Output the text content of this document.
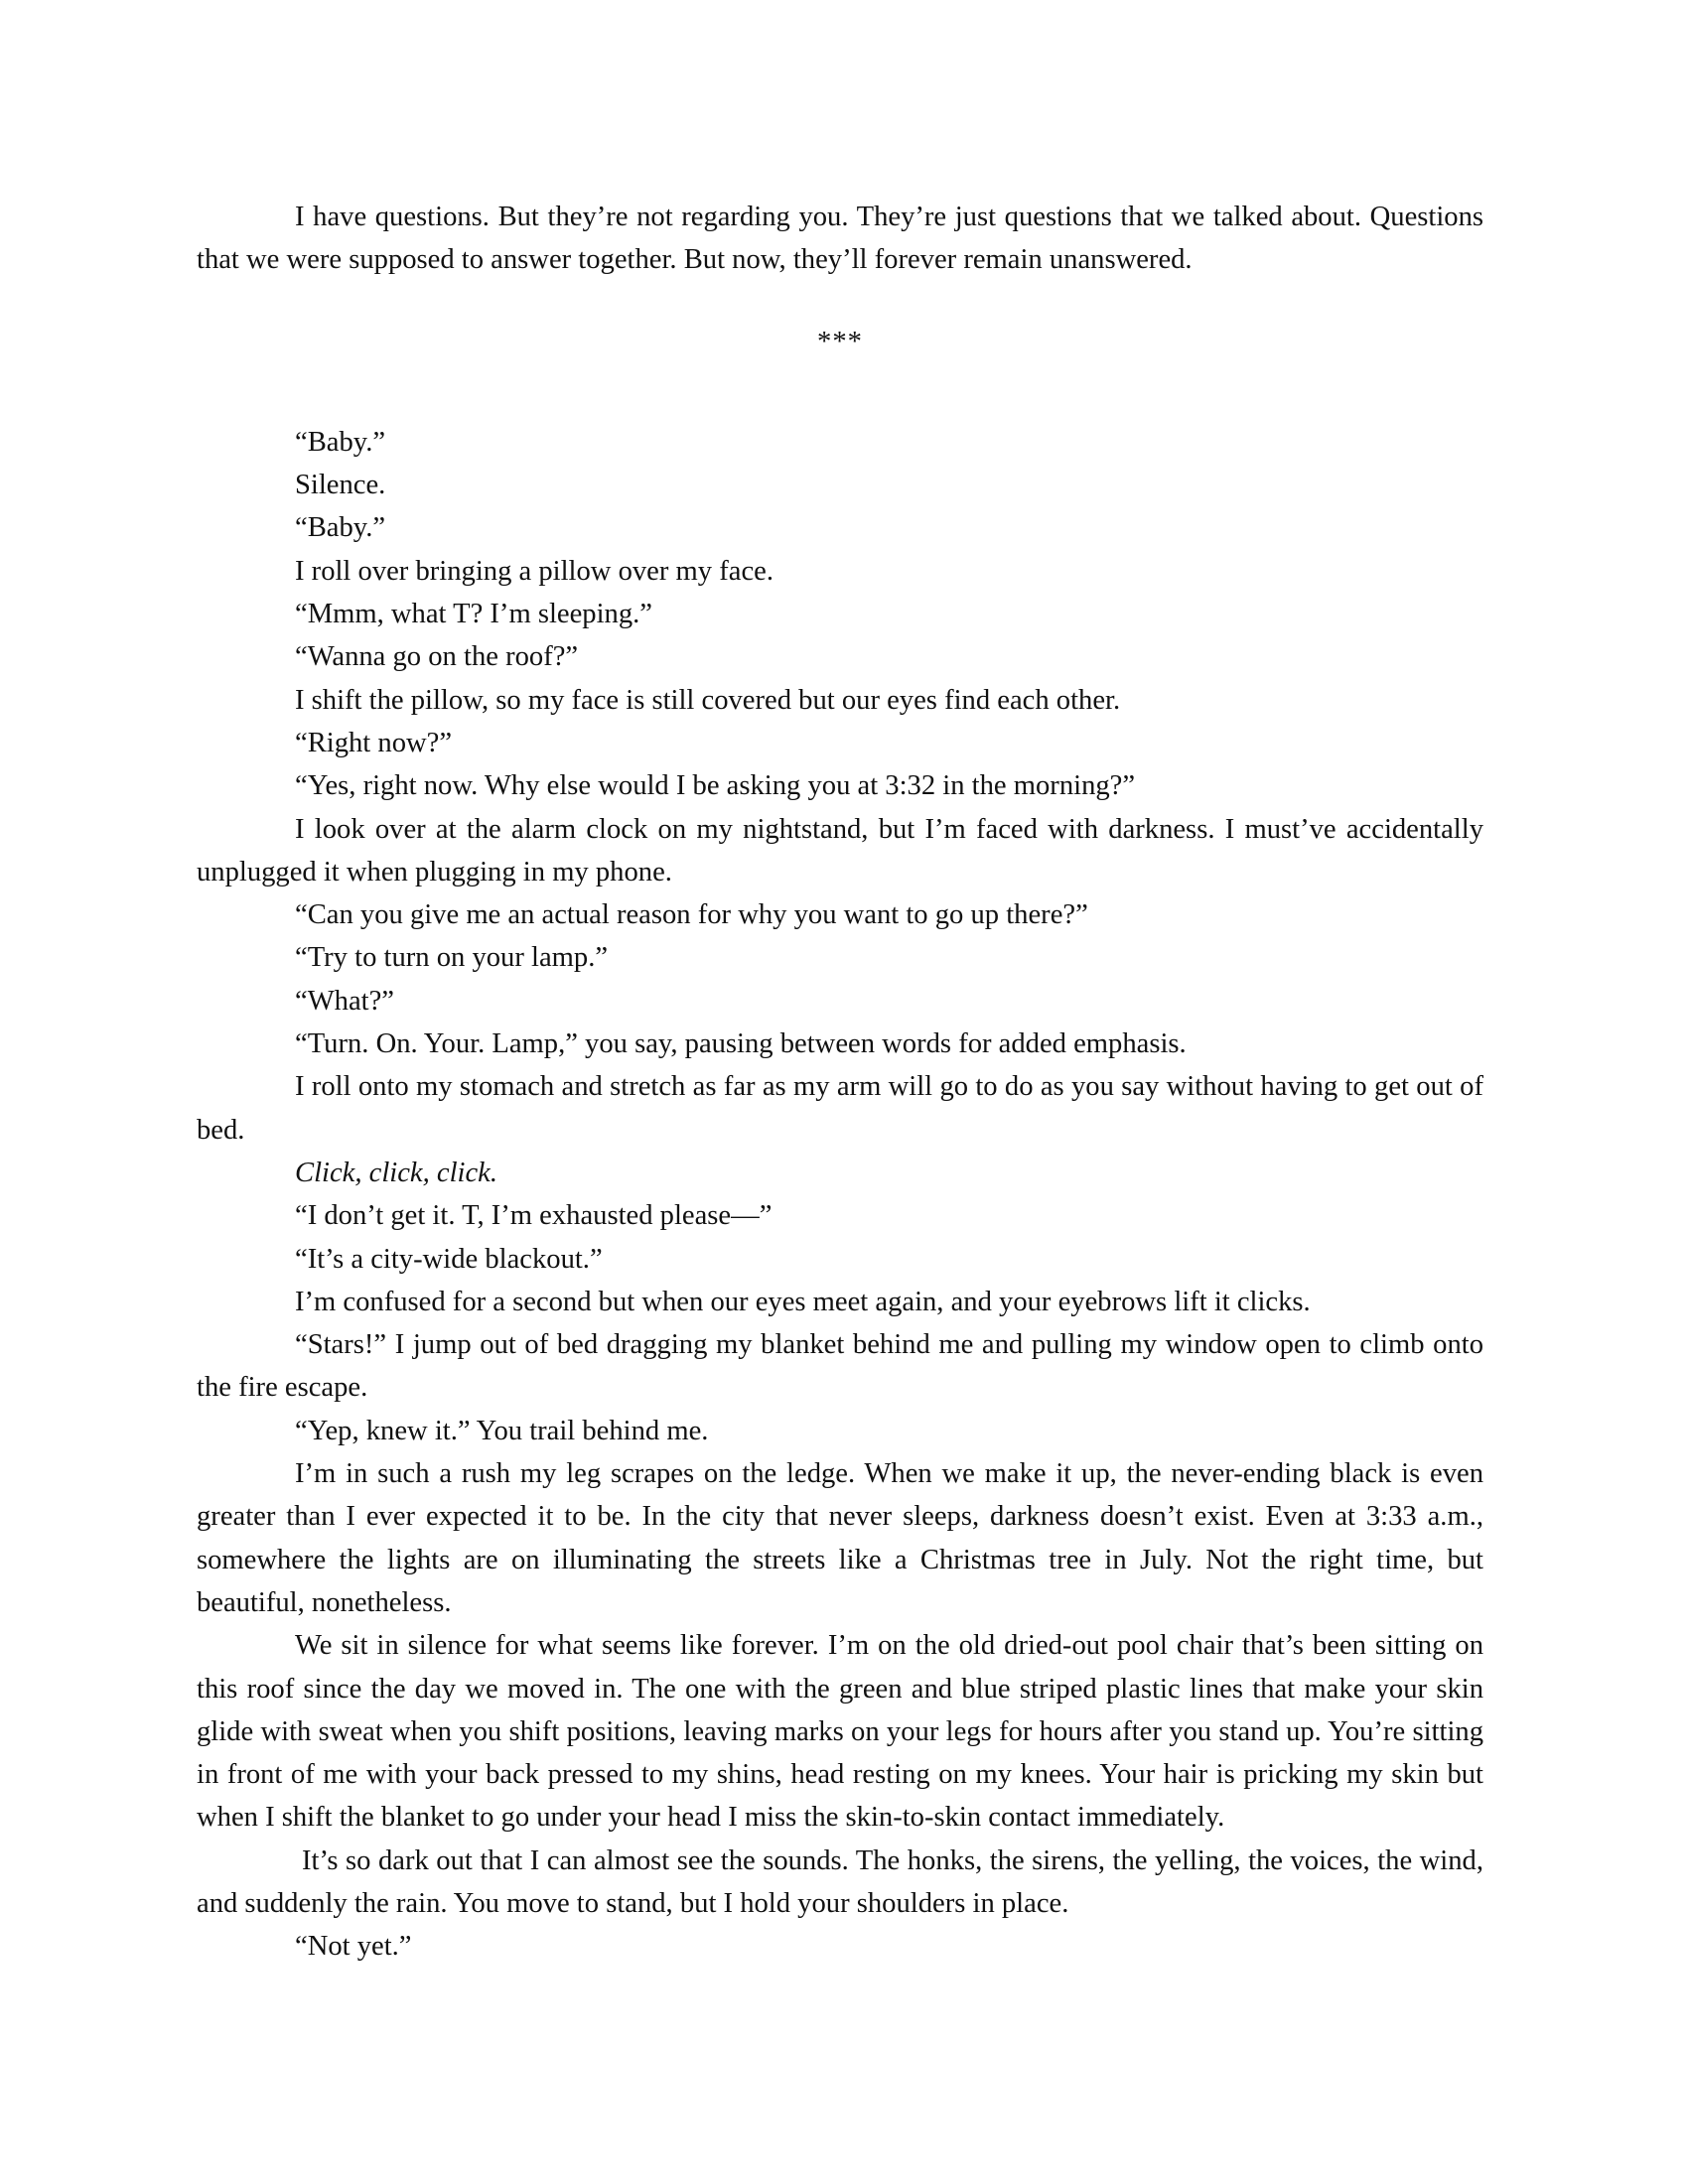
I have questions. But they’re not regarding you. They’re just questions that we talked about. Questions that we were supposed to answer together. But now, they’ll forever remain unanswered.

***

“Baby.”

Silence.

“Baby.”

I roll over bringing a pillow over my face.

“Mmm, what T? I’m sleeping.”

“Wanna go on the roof?”

I shift the pillow, so my face is still covered but our eyes find each other.

“Right now?”

“Yes, right now. Why else would I be asking you at 3:32 in the morning?”

I look over at the alarm clock on my nightstand, but I’m faced with darkness. I must’ve accidentally unplugged it when plugging in my phone.

“Can you give me an actual reason for why you want to go up there?”

“Try to turn on your lamp.”

“What?”

“Turn. On. Your. Lamp,” you say, pausing between words for added emphasis.

I roll onto my stomach and stretch as far as my arm will go to do as you say without having to get out of bed.

Click, click, click.

“I don’t get it. T, I’m exhausted please—”

“It’s a city-wide blackout.”

I’m confused for a second but when our eyes meet again, and your eyebrows lift it clicks.

“Stars!” I jump out of bed dragging my blanket behind me and pulling my window open to climb onto the fire escape.

“Yep, knew it.” You trail behind me.

I’m in such a rush my leg scrapes on the ledge. When we make it up, the never-ending black is even greater than I ever expected it to be. In the city that never sleeps, darkness doesn’t exist. Even at 3:33 a.m., somewhere the lights are on illuminating the streets like a Christmas tree in July. Not the right time, but beautiful, nonetheless.

We sit in silence for what seems like forever. I’m on the old dried-out pool chair that’s been sitting on this roof since the day we moved in. The one with the green and blue striped plastic lines that make your skin glide with sweat when you shift positions, leaving marks on your legs for hours after you stand up. You’re sitting in front of me with your back pressed to my shins, head resting on my knees. Your hair is pricking my skin but when I shift the blanket to go under your head I miss the skin-to-skin contact immediately.

It’s so dark out that I can almost see the sounds. The honks, the sirens, the yelling, the voices, the wind, and suddenly the rain. You move to stand, but I hold your shoulders in place.

“Not yet.”
